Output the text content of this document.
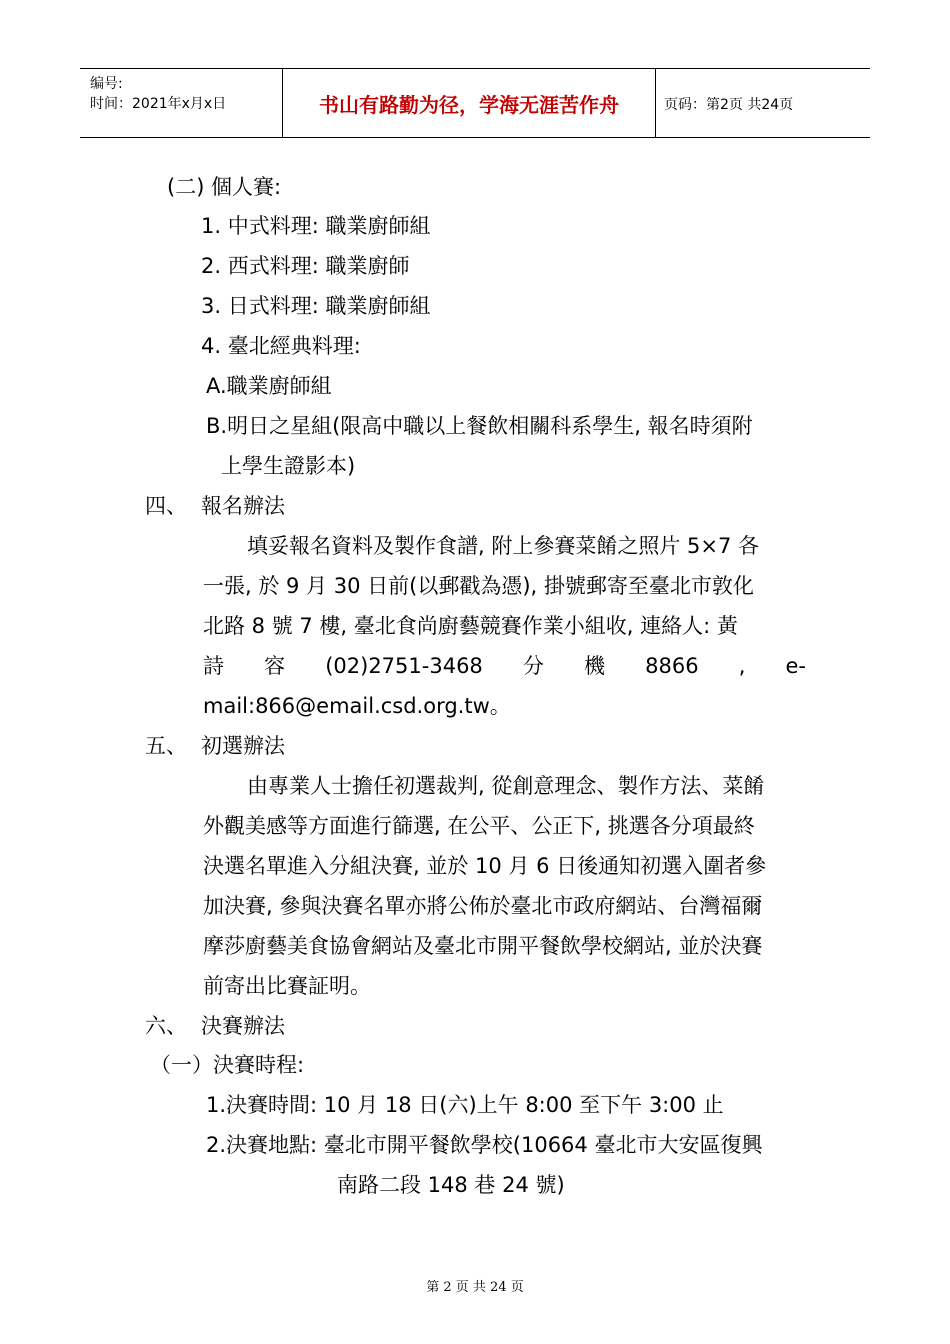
编号:
时间：2021年x月x日	书山有路勤为径，学海无涯苦作舟	页码：第2页 共24页
(二) 個人賽:
1. 中式料理: 職業廚師組
2. 西式料理: 職業廚師
3. 日式料理: 職業廚師組
4. 臺北經典料理:
A.職業廚師組
B.明日之星組(限高中職以上餐飲相關科系學生, 報名時須附
上學生證影本)
四、 報名辦法
填妥報名資料及製作食譜, 附上參賽菜餚之照片 5×7 各
一張, 於 9 月 30 日前(以郵戳為憑), 掛號郵寄至臺北市敦化
北路 8 號 7 樓, 臺北食尚廚藝競賽作業小組收, 連絡人: 黃
詩 容 (02)2751-3468 分 機 8866 , e-
mail:866@email.csd.org.tw。
五、 初選辦法
由專業人士擔任初選裁判, 從創意理念、製作方法、菜餚
外觀美感等方面進行篩選, 在公平、公正下, 挑選各分項最終
決選名單進入分組決賽, 並於 10 月 6 日後通知初選入圍者參
加決賽, 參與決賽名單亦將公佈於臺北市政府網站、台灣福爾
摩莎廚藝美食協會網站及臺北市開平餐飲學校網站, 並於決賽
前寄出比賽証明。
六、 決賽辦法
（一）決賽時程:
1.決賽時間: 10 月 18 日(六)上午 8:00 至下午 3:00 止
2.決賽地點: 臺北市開平餐飲學校(10664 臺北市大安區復興
南路二段 148 巷 24 號)
第 2 页 共 24 页
